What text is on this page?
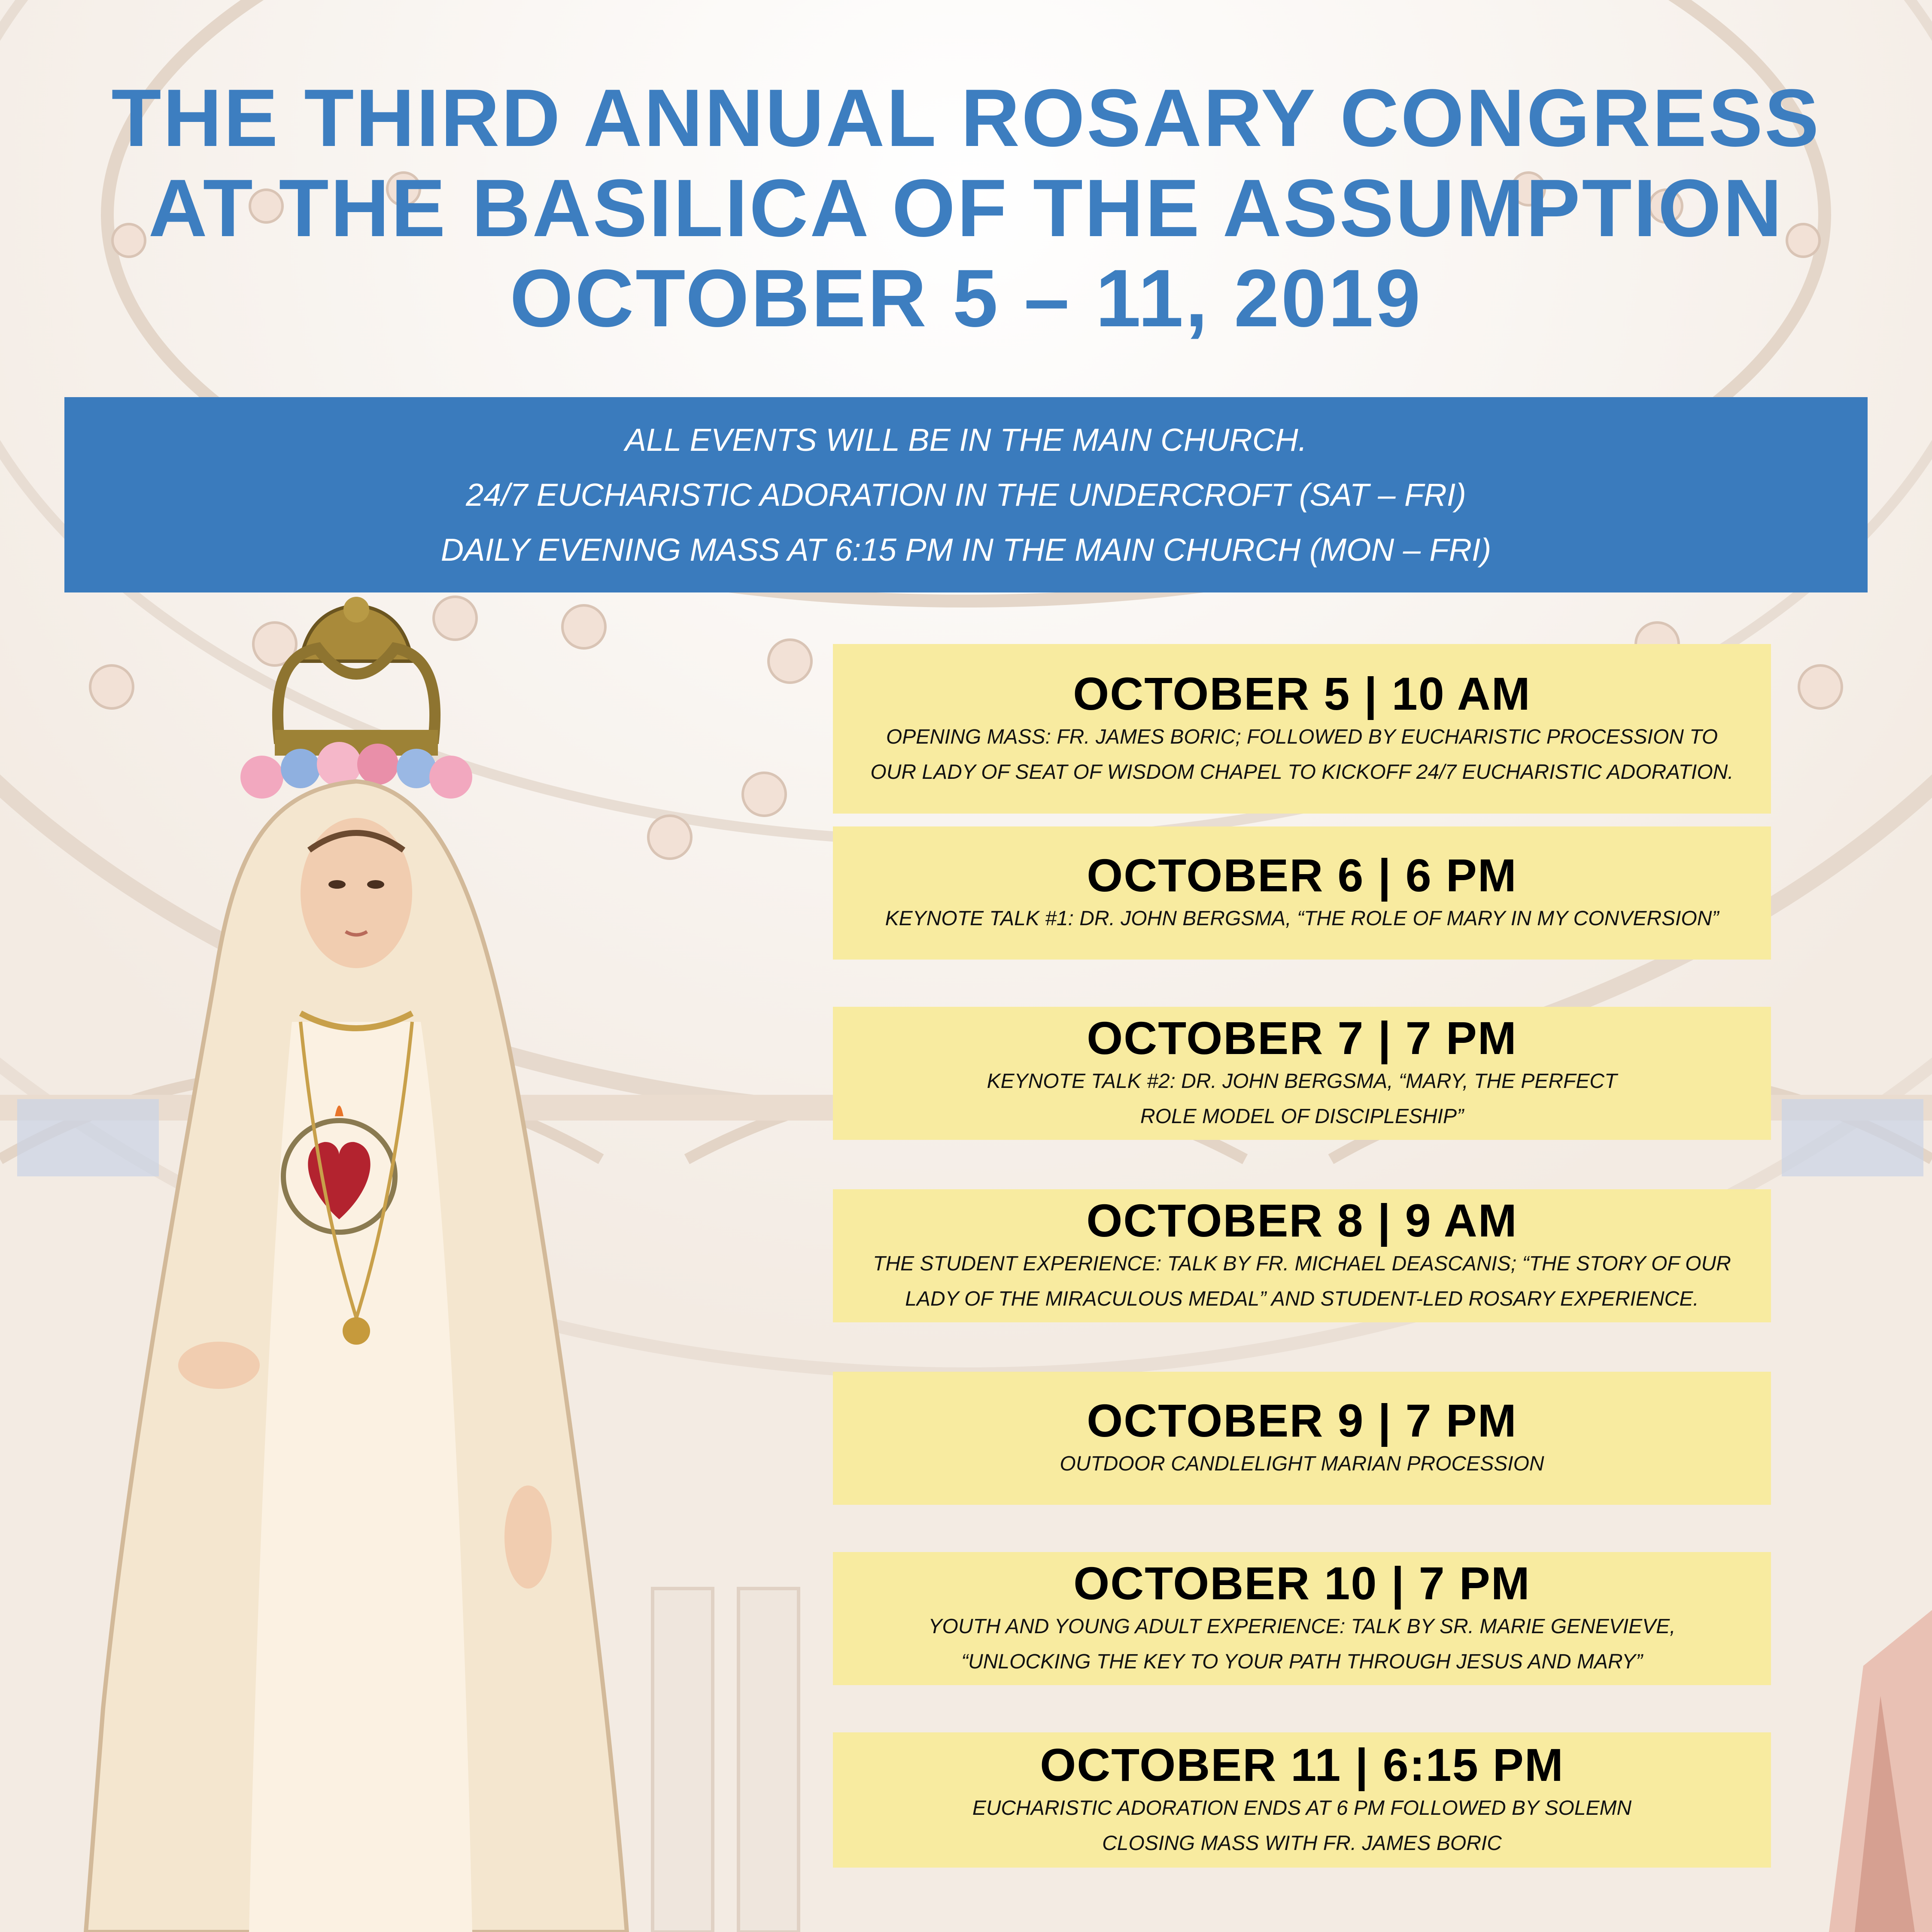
THE THIRD ANNUAL ROSARY CONGRESS
AT THE BASILICA OF THE ASSUMPTION
OCTOBER 5 – 11, 2019
ALL EVENTS WILL BE IN THE MAIN CHURCH.
24/7 EUCHARISTIC ADORATION IN THE UNDERCROFT (SAT – FRI)
DAILY EVENING MASS AT 6:15 PM IN THE MAIN CHURCH (MON – FRI)
OCTOBER 5 | 10 AM
OPENING MASS: FR. JAMES BORIC; FOLLOWED BY EUCHARISTIC PROCESSION TO
OUR LADY OF SEAT OF WISDOM CHAPEL TO KICKOFF 24/7 EUCHARISTIC ADORATION.
OCTOBER 6 | 6 PM
KEYNOTE TALK #1: DR. JOHN BERGSMA, “THE ROLE OF MARY IN MY CONVERSION”
OCTOBER 7 | 7 PM
KEYNOTE TALK #2: DR. JOHN BERGSMA, “MARY, THE PERFECT
ROLE MODEL OF DISCIPLESHIP”
OCTOBER 8 | 9 AM
THE STUDENT EXPERIENCE: TALK BY FR. MICHAEL DEASCANIS; “THE STORY OF OUR
LADY OF THE MIRACULOUS MEDAL” AND STUDENT-LED ROSARY EXPERIENCE.
OCTOBER 9 | 7 PM
OUTDOOR CANDLELIGHT MARIAN PROCESSION
OCTOBER 10 | 7 PM
YOUTH AND YOUNG ADULT EXPERIENCE: TALK BY SR. MARIE GENEVIEVE,
“UNLOCKING THE KEY TO YOUR PATH THROUGH JESUS AND MARY”
OCTOBER 11 | 6:15 PM
EUCHARISTIC ADORATION ENDS AT 6 PM FOLLOWED BY SOLEMN
CLOSING MASS WITH FR. JAMES BORIC
